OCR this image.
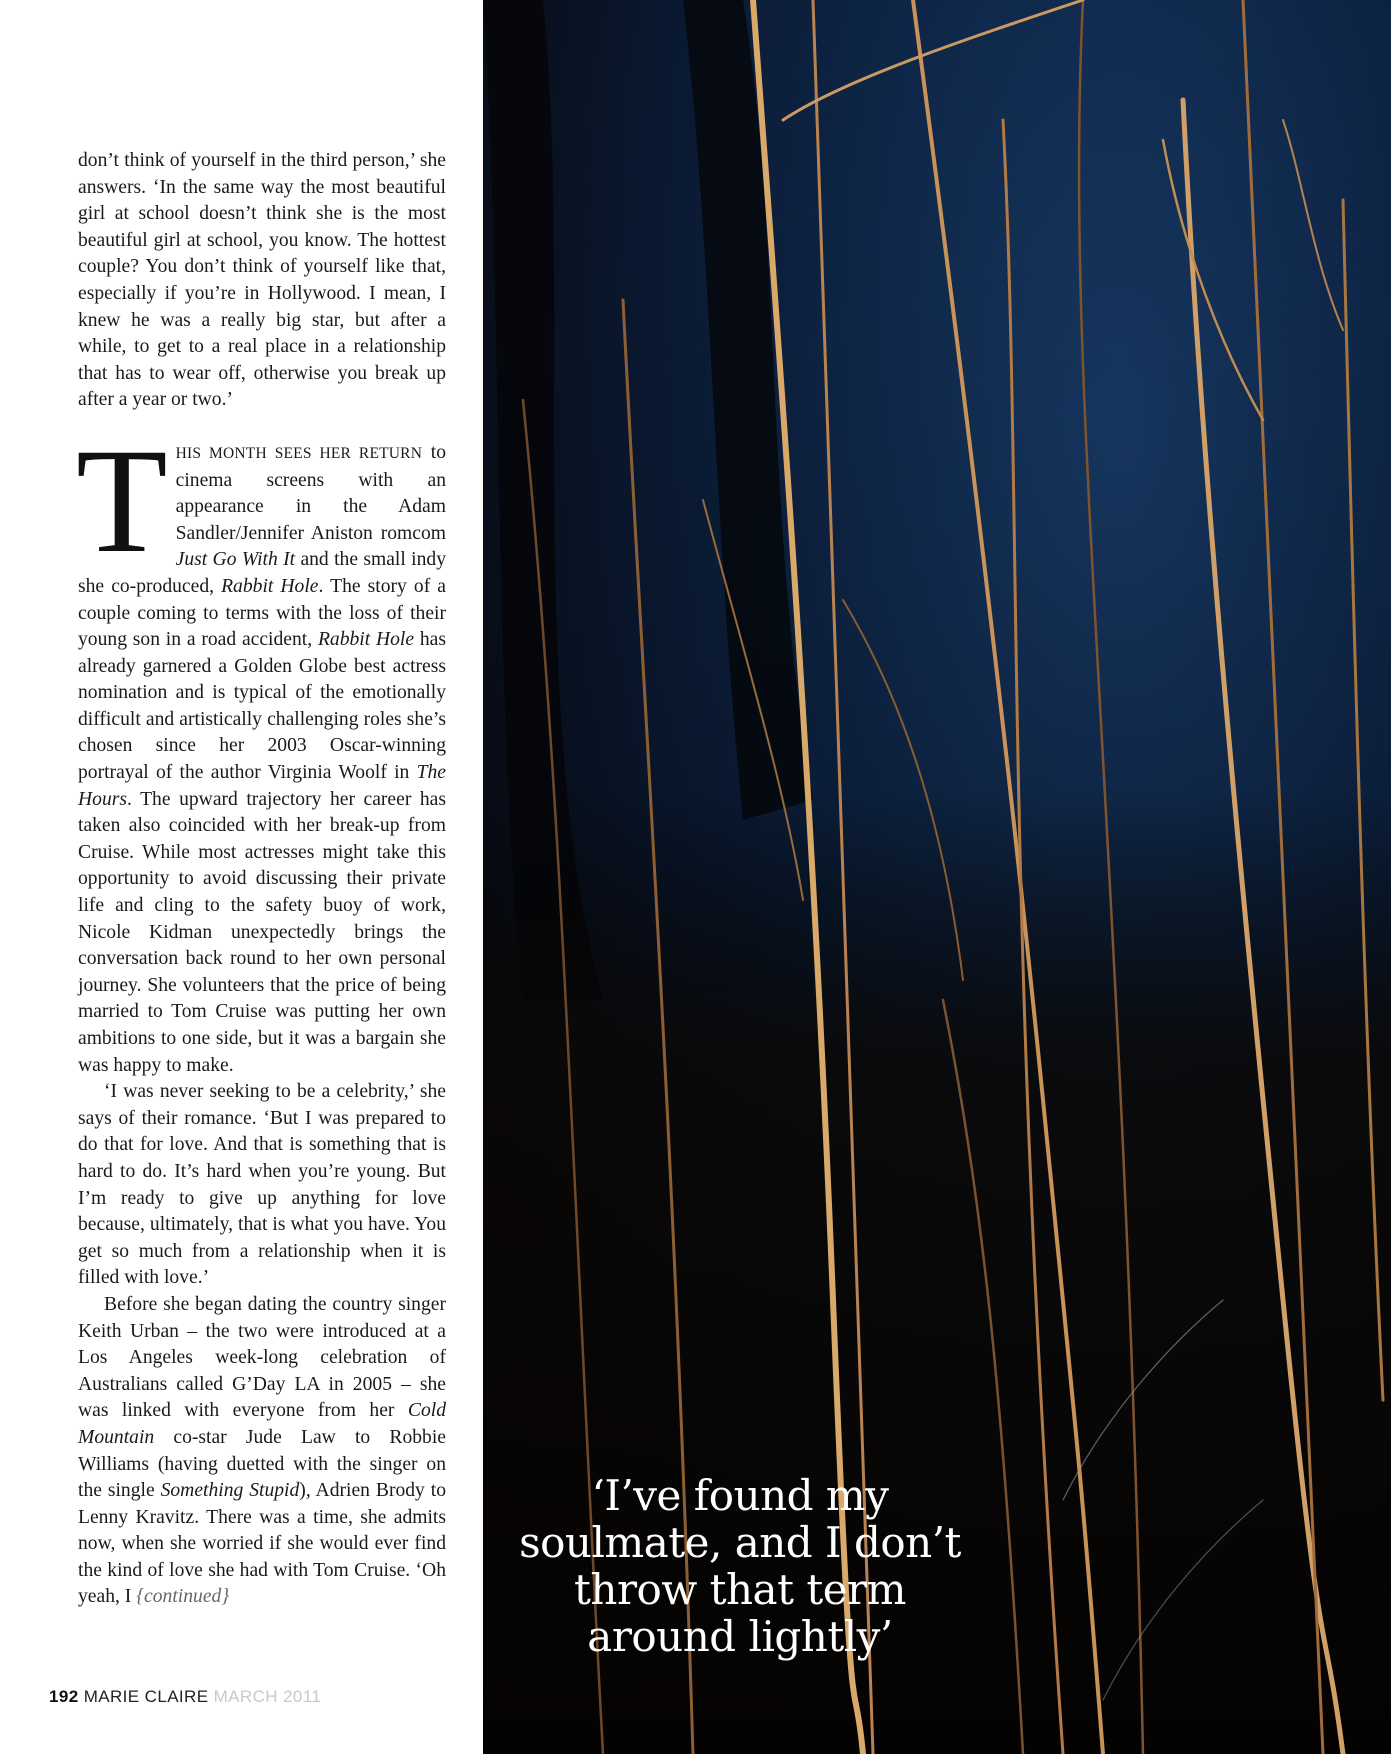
don’t think of yourself in the third person,’ she answers. ‘In the same way the most beautiful girl at school doesn’t think she is the most beautiful girl at school, you know. The hottest couple? You don’t think of yourself like that, especially if you’re in Hollywood. I mean, I knew he was a really big star, but after a while, to get to a real place in a relationship that has to wear off, otherwise you break up after a year or two.’

THIS MONTH SEES HER RETURN to cinema screens with an appearance in the Adam Sandler/Jennifer Aniston romcom Just Go With It and the small indy she co-produced, Rabbit Hole. The story of a couple coming to terms with the loss of their young son in a road accident, Rabbit Hole has already garnered a Golden Globe best actress nomination and is typical of the emotionally difficult and artistically challenging roles she’s chosen since her 2003 Oscar-winning portrayal of the author Virginia Woolf in The Hours. The upward trajectory her career has taken also coincided with her break-up from Cruise. While most actresses might take this opportunity to avoid discussing their private life and cling to the safety buoy of work, Nicole Kidman unexpectedly brings the conversation back round to her own personal journey. She volunteers that the price of being married to Tom Cruise was putting her own ambitions to one side, but it was a bargain she was happy to make.

‘I was never seeking to be a celebrity,’ she says of their romance. ‘But I was prepared to do that for love. And that is something that is hard to do. It’s hard when you’re young. But I’m ready to give up anything for love because, ultimately, that is what you have. You get so much from a relationship when it is filled with love.’

Before she began dating the country singer Keith Urban – the two were introduced at a Los Angeles week-long celebration of Australians called G’Day LA in 2005 – she was linked with everyone from her Cold Mountain co-star Jude Law to Robbie Williams (having duetted with the singer on the single Something Stupid), Adrien Brody to Lenny Kravitz. There was a time, she admits now, when she worried if she would ever find the kind of love she had with Tom Cruise. ‘Oh yeah, I {continued}

‘I’ve found my soulmate, and I don’t throw that term around lightly’
192 MARIE CLAIRE MARCH 2011
